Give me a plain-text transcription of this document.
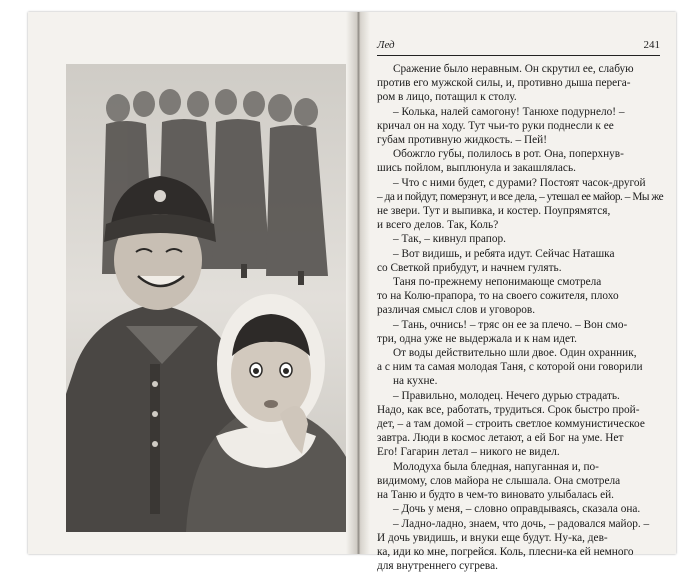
Лед	241
Сражение было неравным. Он скрутил ее, слабую
против его мужской силы, и, противно дыша перега-
ром в лицо, потащил к столу.
– Колька, налей самогону! Танюхе подурнело! –
кричал он на ходу. Тут чьи-то руки поднесли к ее
губам противную жидкость. – Пей!
Обожгло губы, полилось в рот. Она, поперхнув-
шись пойлом, выплюнула и закашлялась.
– Что с ними будет, с дурами? Постоят часок-другой
– да и пойдут, померзнут, и все дела, – утешал ее майор. – Мы же
не звери. Тут и выпивка, и костер. Поупрямятся,
и всего делов. Так, Коль?
– Так, – кивнул прапор.
– Вот видишь, и ребята идут. Сейчас Наташка
со Светкой прибудут, и начнем гулять.
Таня по-прежнему непонимающе смотрела
то на Колю-прапора, то на своего сожителя, плохо
различая смысл слов и уговоров.
– Тань, очнись! – тряс он ее за плечо. – Вон смо-
три, одна уже не выдержала и к нам идет.
От воды действительно шли двое. Один охранник,
а с ним та самая молодая Таня, с которой они говорили
на кухне.
– Правильно, молодец. Нечего дурью страдать.
Надо, как все, работать, трудиться. Срок быстро прой-
дет, – а там домой – строить светлое коммунистическое
завтра. Люди в космос летают, а ей Бог на уме. Нет
Его! Гагарин летал – никого не видел.
Молодуха была бледная, напуганная и, по-
видимому, слов майора не слышала. Она смотрела
на Таню и будто в чем-то виновато улыбалась ей.
– Дочь у меня, – словно оправдываясь, сказала она.
– Ладно-ладно, знаем, что дочь, – радовался майор. –
И дочь увидишь, и внуки еще будут. Ну-ка, дев-
ка, иди ко мне, погрейся. Коль, плесни-ка ей немного
для внутреннего сугрева.
